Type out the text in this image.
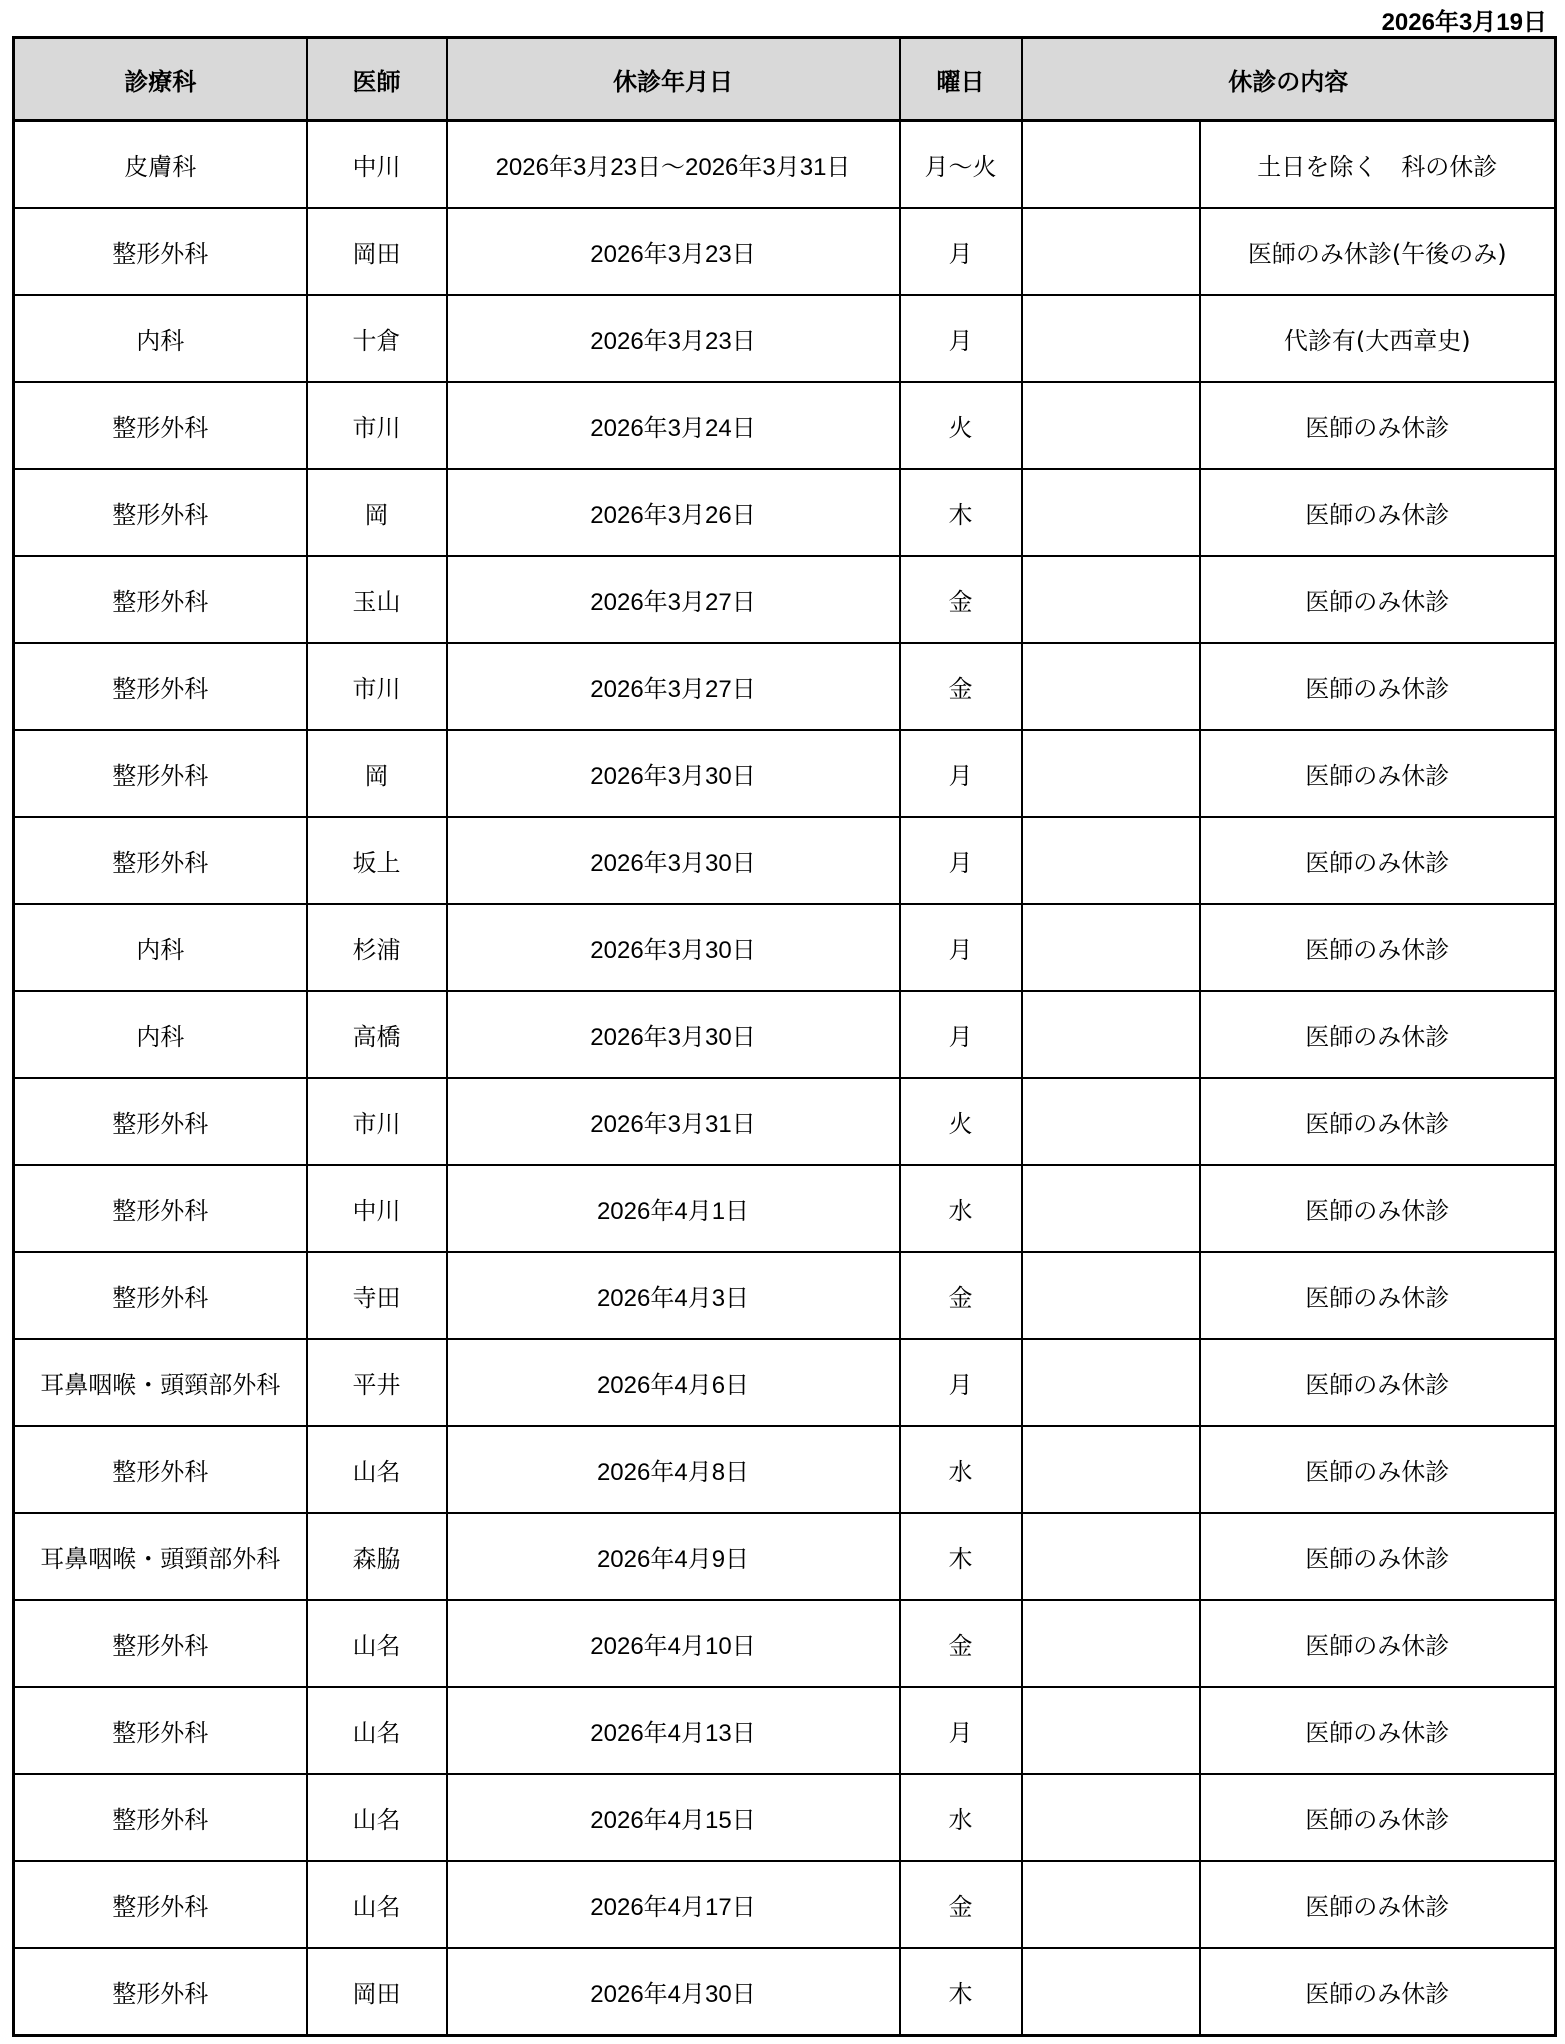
2026年3月19日
診療科	医師	休診年月日	曜日	休診の内容	
皮膚科	中川	2026年3月23日～2026年3月31日	月～火		土日を除く　科の休診
整形外科	岡田	2026年3月23日	月		医師のみ休診(午後のみ)
内科	十倉	2026年3月23日	月		代診有(大西章史)
整形外科	市川	2026年3月24日	火		医師のみ休診
整形外科	岡	2026年3月26日	木		医師のみ休診
整形外科	玉山	2026年3月27日	金		医師のみ休診
整形外科	市川	2026年3月27日	金		医師のみ休診
整形外科	岡	2026年3月30日	月		医師のみ休診
整形外科	坂上	2026年3月30日	月		医師のみ休診
内科	杉浦	2026年3月30日	月		医師のみ休診
内科	高橋	2026年3月30日	月		医師のみ休診
整形外科	市川	2026年3月31日	火		医師のみ休診
整形外科	中川	2026年4月1日	水		医師のみ休診
整形外科	寺田	2026年4月3日	金		医師のみ休診
耳鼻咽喉・頭頸部外科	平井	2026年4月6日	月		医師のみ休診
整形外科	山名	2026年4月8日	水		医師のみ休診
耳鼻咽喉・頭頸部外科	森脇	2026年4月9日	木		医師のみ休診
整形外科	山名	2026年4月10日	金		医師のみ休診
整形外科	山名	2026年4月13日	月		医師のみ休診
整形外科	山名	2026年4月15日	水		医師のみ休診
整形外科	山名	2026年4月17日	金		医師のみ休診
整形外科	岡田	2026年4月30日	木		医師のみ休診
